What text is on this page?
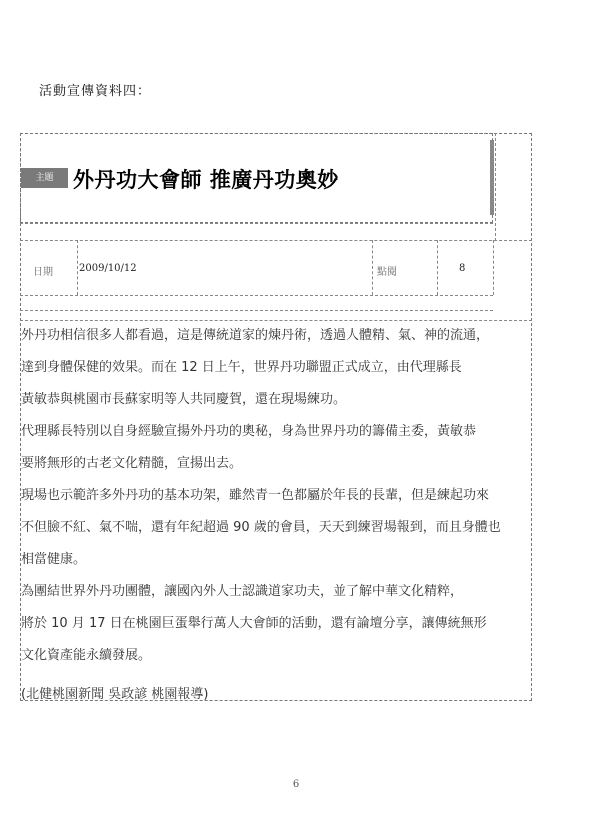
活動宣傳資料四：
主題 外丹功大會師 推廣丹功奧妙
日期	2009/10/12	點閱	8

外丹功相信很多人都看過，這是傳統道家的煉丹術，透過人體精、氣、神的流通，

達到身體保健的效果。而在 12 日上午，世界丹功聯盟正式成立，由代理縣長

黃敏恭與桃園市長蘇家明等人共同慶賀，還在現場練功。

代理縣長特別以自身經驗宣揚外丹功的奧秘，身為世界丹功的籌備主委，黃敏恭

要將無形的古老文化精髓，宣揚出去。

現場也示範許多外丹功的基本功架，雖然青一色都屬於年長的長輩，但是練起功來

不但臉不紅、氣不喘，還有年紀超過 90 歲的會員，天天到練習場報到，而且身體也

相當健康。

為團結世界外丹功團體，讓國內外人士認識道家功夫，並了解中華文化精粹，

將於 10 月 17 日在桃園巨蛋舉行萬人大會師的活動，還有論壇分享，讓傳統無形

文化資產能永續發展。

(北健桃園新聞 吳政諺 桃園報導)
6
